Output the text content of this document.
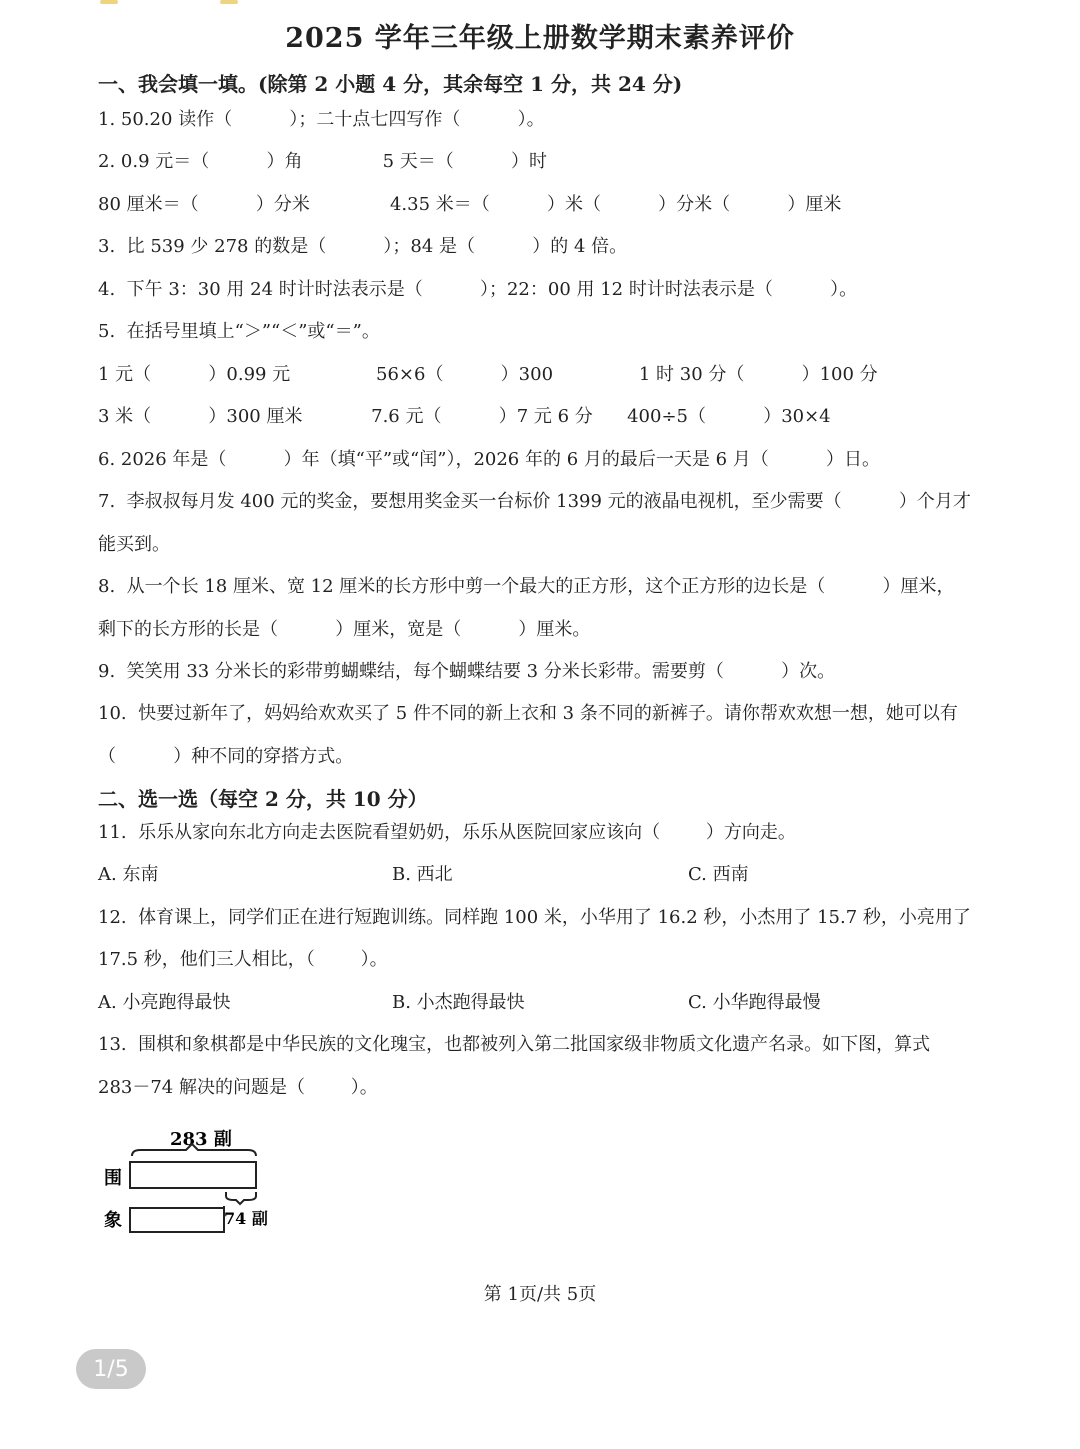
2025 学年三年级上册数学期末素养评价

一、我会填一填。(除第 2 小题 4 分，其余每空 1 分，共 24 分)

1. 50.20 读作（          ）；二十点七四写作（          ）。

2. 0.9 元＝（          ）角              5 天＝（          ）时

80 厘米＝（          ）分米              4.35 米＝（          ）米（          ）分米（          ）厘米

3.  比 539 少 278 的数是（          ）；84 是（          ）的 4 倍。

4.  下午 3：30 用 24 时计时法表示是（          ）；22：00 用 12 时计时法表示是（          ）。

5.  在括号里填上“＞”“＜”或“＝”。

1 元（          ）0.99 元               56×6（          ）300               1 时 30 分（          ）100 分

3 米（          ）300 厘米            7.6 元（          ）7 元 6 分      400÷5（          ）30×4

6. 2026 年是（          ）年（填“平”或“闰”），2026 年的 6 月的最后一天是 6 月（          ）日。

7.  李叔叔每月发 400 元的奖金，要想用奖金买一台标价 1399 元的液晶电视机，至少需要（          ）个月才

能买到。

8.  从一个长 18 厘米、宽 12 厘米的长方形中剪一个最大的正方形，这个正方形的边长是（          ）厘米，

剩下的长方形的长是（          ）厘米，宽是（          ）厘米。

9.  笑笑用 33 分米长的彩带剪蝴蝶结，每个蝴蝶结要 3 分米长彩带。需要剪（          ）次。

10.  快要过新年了，妈妈给欢欢买了 5 件不同的新上衣和 3 条不同的新裤子。请你帮欢欢想一想，她可以有

（          ）种不同的穿搭方式。

二、选一选（每空 2 分，共 10 分）

11.  乐乐从家向东北方向走去医院看望奶奶，乐乐从医院回家应该向（        ）方向走。

A. 东南	B. 西北	C. 西南

12.  体育课上，同学们正在进行短跑训练。同样跑 100 米，小华用了 16.2 秒，小杰用了 15.7 秒，小亮用了

17.5 秒，他们三人相比，（        ）。

A. 小亮跑得最快	B. 小杰跑得最快	C. 小华跑得最慢

13.  围棋和象棋都是中华民族的文化瑰宝，也都被列入第二批国家级非物质文化遗产名录。如下图，算式

283－74 解决的问题是（        ）。

283 副
围
象	74 副
第 1页/共 5页
1/5
